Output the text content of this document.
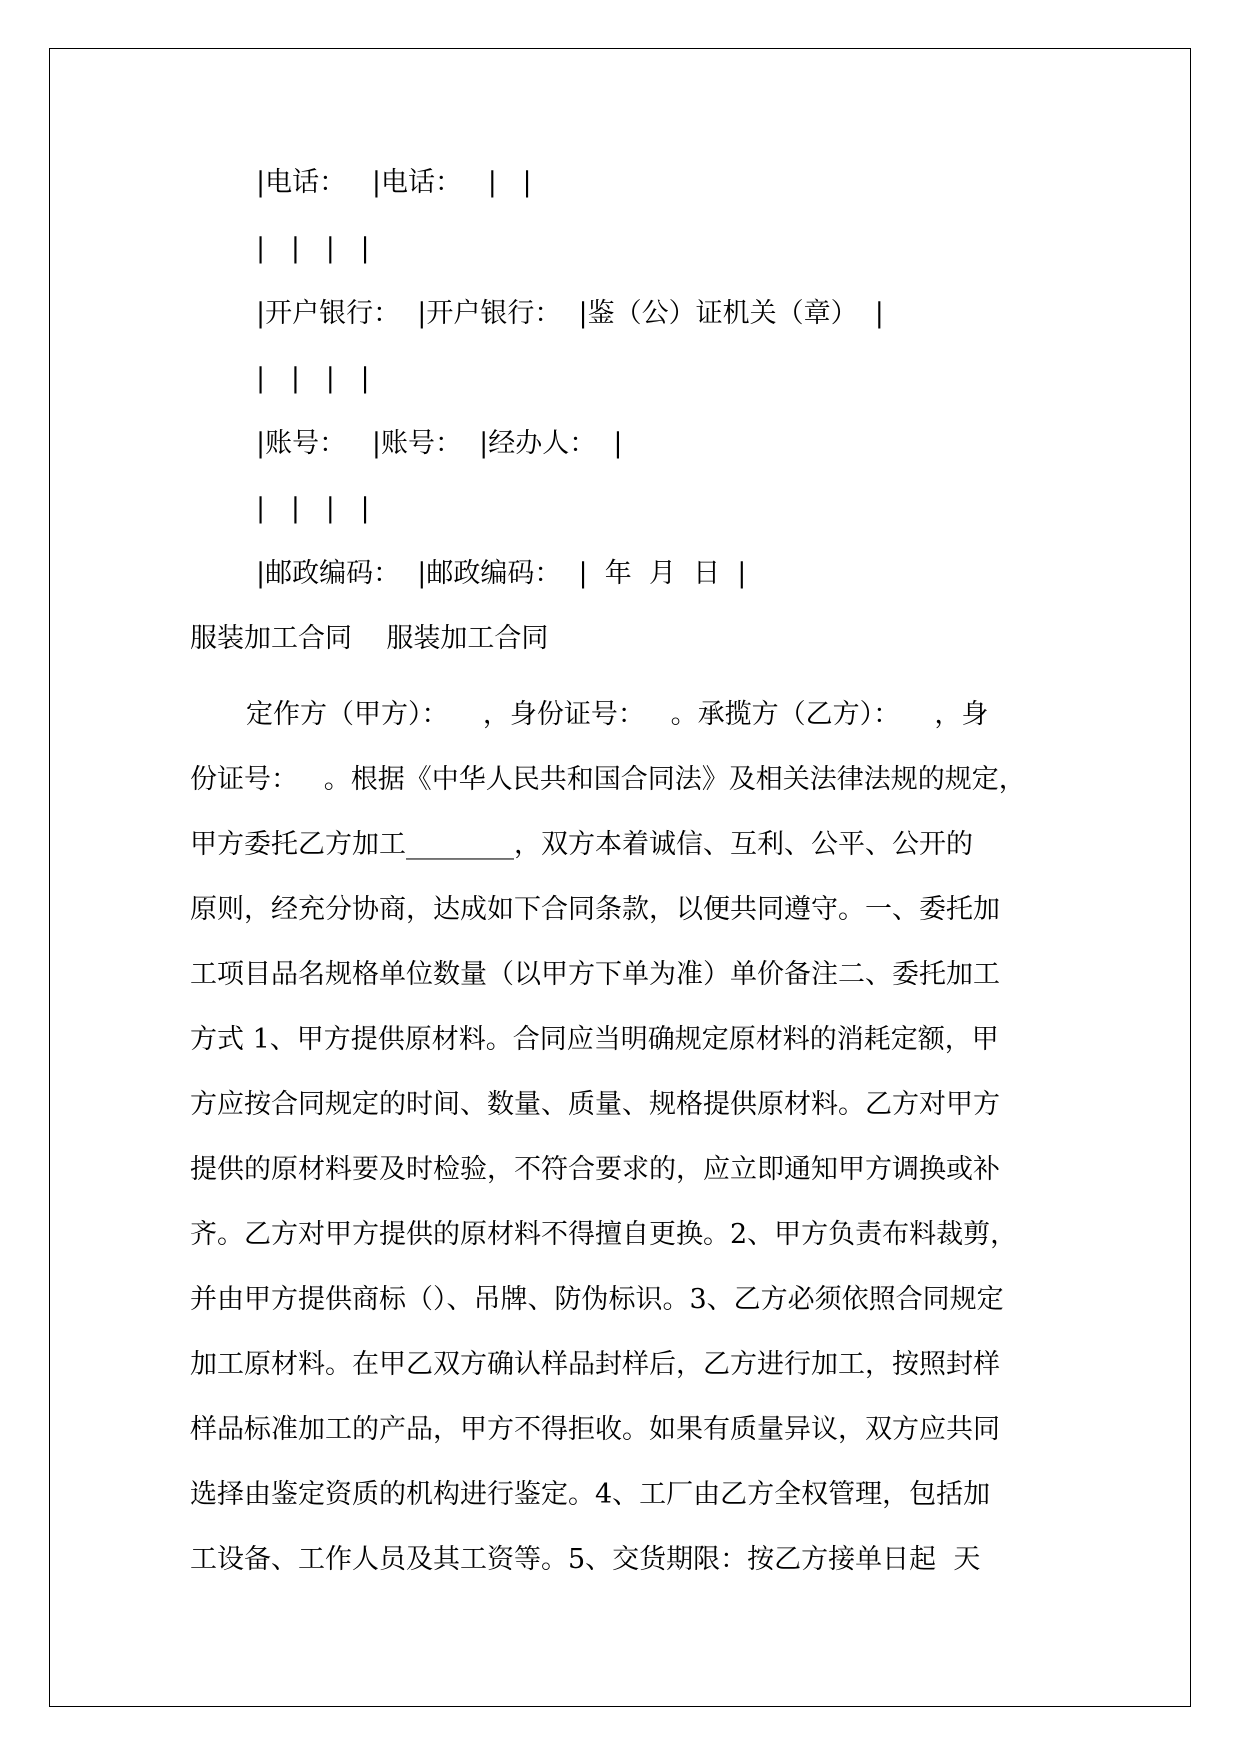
|电话：   |电话：   |   |
|   |   |   |
|开户银行：  |开户银行：  |鉴（公）证机关（章）  |
|   |   |   |
|账号：   |账号：  |经办人：  |
|   |   |   |
|邮政编码：  |邮政编码：  |  年  月  日  |
服装加工合同    服装加工合同
定作方（甲方）：    ，身份证号：   。承揽方（乙方）：    ，身
份证号：   。根据《中华人民共和国合同法》及相关法律法规的规定，
甲方委托乙方加工________，双方本着诚信、互利、公平、公开的
原则，经充分协商，达成如下合同条款，以便共同遵守。一、委托加
工项目品名规格单位数量（以甲方下单为准）单价备注二、委托加工
方式 1、甲方提供原材料。合同应当明确规定原材料的消耗定额，甲
方应按合同规定的时间、数量、质量、规格提供原材料。乙方对甲方
提供的原材料要及时检验，不符合要求的，应立即通知甲方调换或补
齐。乙方对甲方提供的原材料不得擅自更换。2、甲方负责布料裁剪，
并由甲方提供商标（）、吊牌、防伪标识。3、乙方必须依照合同规定
加工原材料。在甲乙双方确认样品封样后，乙方进行加工，按照封样
样品标准加工的产品，甲方不得拒收。如果有质量异议，双方应共同
选择由鉴定资质的机构进行鉴定。4、工厂由乙方全权管理，包括加
工设备、工作人员及其工资等。5、交货期限：按乙方接单日起  天
